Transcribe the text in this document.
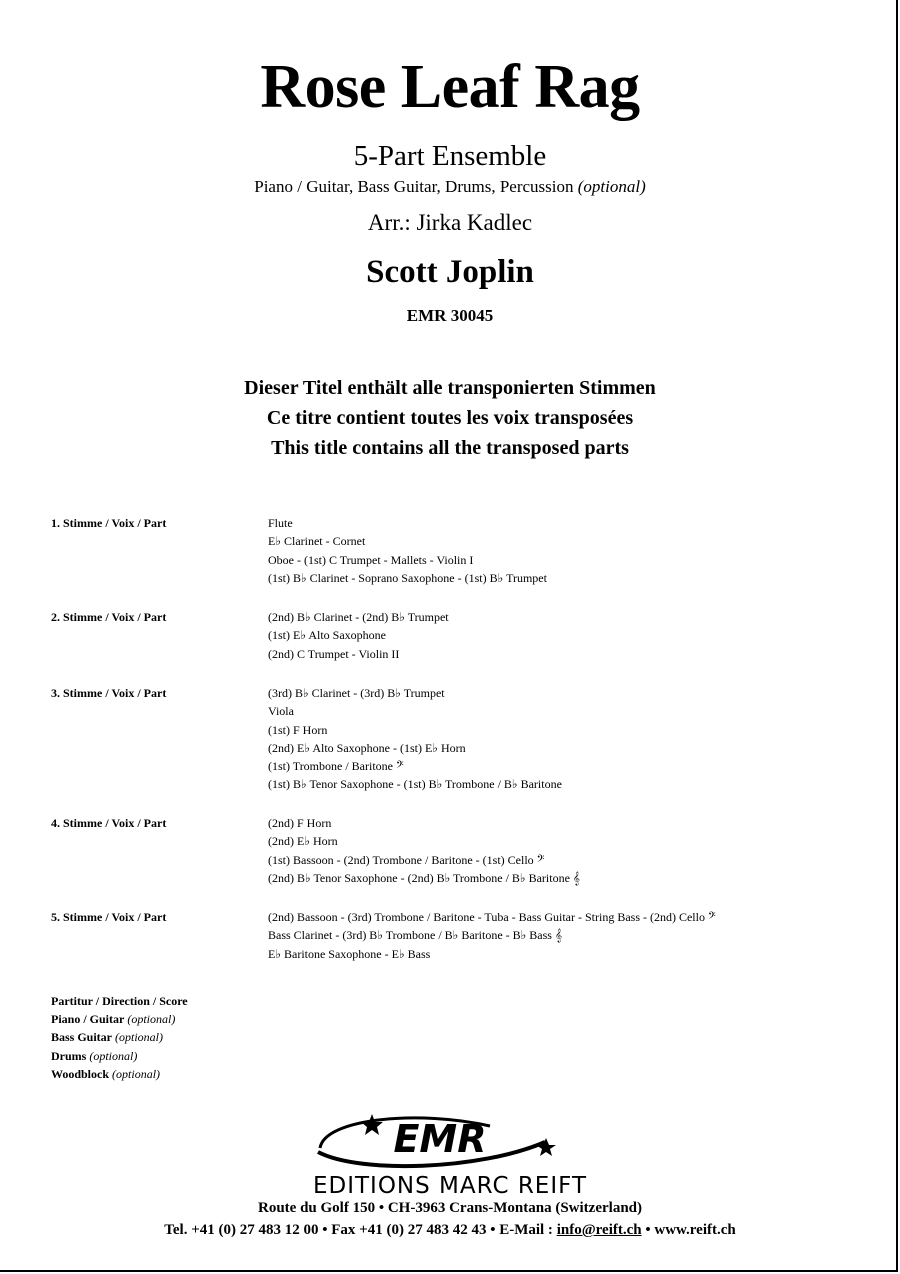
Rose Leaf Rag
5-Part Ensemble
Piano / Guitar, Bass Guitar, Drums, Percussion (optional)
Arr.: Jirka Kadlec
Scott Joplin
EMR 30045
Dieser Titel enthält alle transponierten Stimmen
Ce titre contient toutes les voix transposées
This title contains all the transposed parts
1. Stimme / Voix / Part	Flute
E♭ Clarinet - Cornet
Oboe - (1st) C Trumpet - Mallets - Violin I
(1st) B♭ Clarinet - Soprano Saxophone - (1st) B♭ Trumpet
2. Stimme / Voix / Part	(2nd) B♭ Clarinet - (2nd) B♭ Trumpet
(1st) E♭ Alto Saxophone
(2nd) C Trumpet - Violin II
3. Stimme / Voix / Part	(3rd) B♭ Clarinet - (3rd) B♭ Trumpet
Viola
(1st) F Horn
(2nd) E♭ Alto Saxophone - (1st) E♭ Horn
(1st) Trombone / Baritone 𝄢
(1st) B♭ Tenor Saxophone - (1st) B♭ Trombone / B♭ Baritone
4. Stimme / Voix / Part	(2nd) F Horn
(2nd) E♭ Horn
(1st) Bassoon - (2nd) Trombone / Baritone - (1st) Cello 𝄢
(2nd) B♭ Tenor Saxophone - (2nd) B♭ Trombone / B♭ Baritone 𝄞
5. Stimme / Voix / Part	(2nd) Bassoon - (3rd) Trombone / Baritone - Tuba - Bass Guitar - String Bass - (2nd) Cello 𝄢
Bass Clarinet - (3rd) B♭ Trombone / B♭ Baritone - B♭ Bass 𝄞
E♭ Baritone Saxophone - E♭ Bass
Partitur / Direction / Score
Piano / Guitar (optional)
Bass Guitar (optional)
Drums (optional)
Woodblock (optional)
EMR
EDITIONS MARC REIFT
Route du Golf 150 • CH-3963 Crans-Montana (Switzerland)
Tel. +41 (0) 27 483 12 00 • Fax +41 (0) 27 483 42 43 • E-Mail : info@reift.ch • www.reift.ch
